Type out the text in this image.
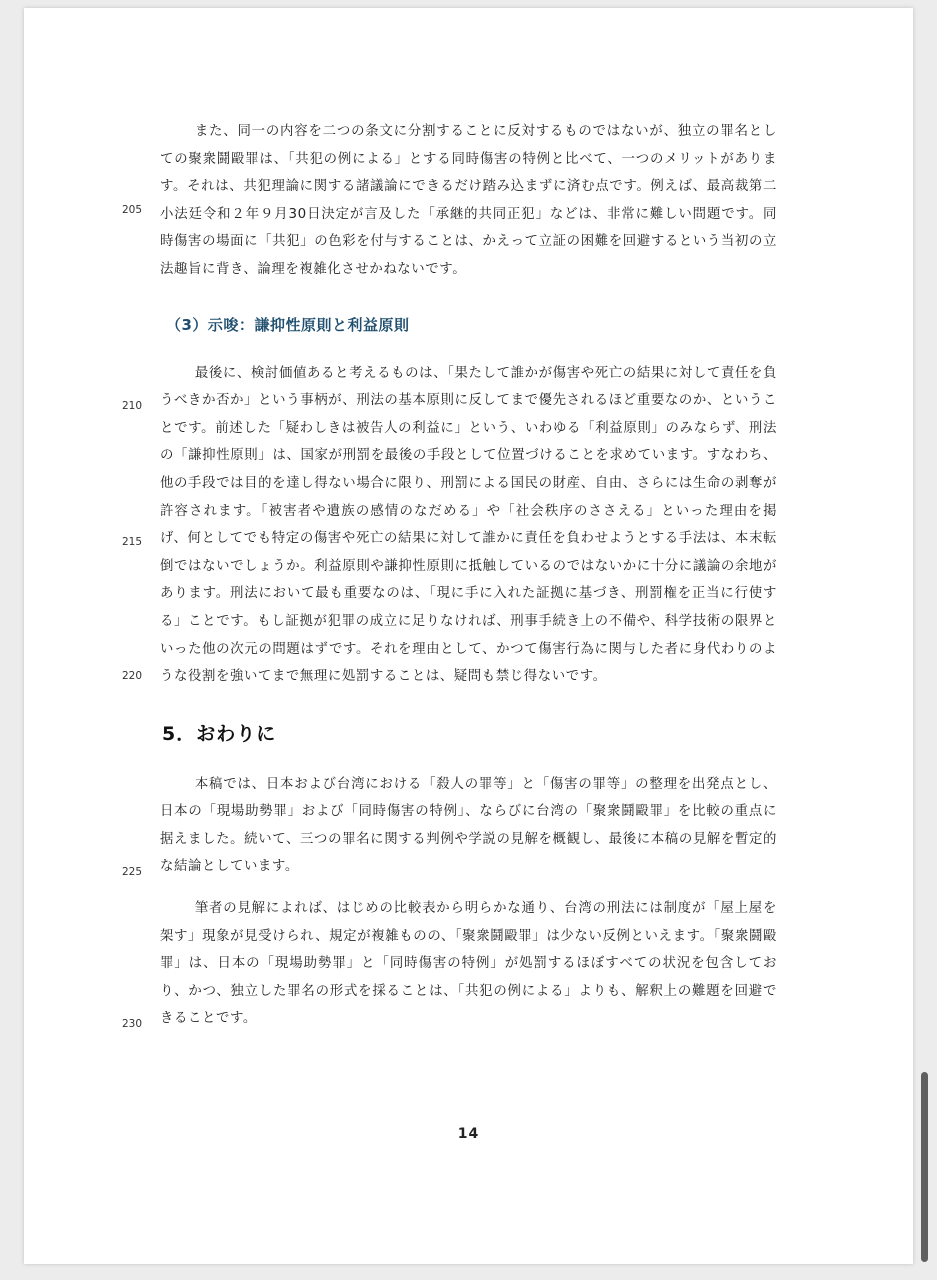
また、同一の内容を二つの条文に分割することに反対するものではないが、独立の罪名としての聚衆鬪毆罪は、「共犯の例による」とする同時傷害の特例と比べて、一つのメリットがあります。それは、共犯理論に関する諸議論にできるだけ踏み込まずに済む点です。例えば、最高裁第二小法廷令和２年９月30日決定が言及した「承継的共同正犯」などは、非常に難しい問題です。同時傷害の場面に「共犯」の色彩を付与することは、かえって立証の困難を回避するという当初の立法趣旨に背き、論理を複雑化させかねないです。

（3）示唆：謙抑性原則と利益原則

最後に、検討価値あると考えるものは、「果たして誰かが傷害や死亡の結果に対して責任を負うべきか否か」という事柄が、刑法の基本原則に反してまで優先されるほど重要なのか、ということです。前述した「疑わしきは被告人の利益に」という、いわゆる「利益原則」のみならず、刑法の「謙抑性原則」は、国家が刑罰を最後の手段として位置づけることを求めています。すなわち、他の手段では目的を達し得ない場合に限り、刑罰による国民の財産、自由、さらには生命の剥奪が許容されます。「被害者や遺族の感情のなだめる」や「社会秩序のささえる」といった理由を掲げ、何としてでも特定の傷害や死亡の結果に対して誰かに責任を負わせようとする手法は、本末転倒ではないでしょうか。利益原則や謙抑性原則に抵触しているのではないかに十分に議論の余地があります。刑法において最も重要なのは、「現に手に入れた証拠に基づき、刑罰権を正当に行使する」ことです。もし証拠が犯罪の成立に足りなければ、刑事手続き上の不備や、科学技術の限界といった他の次元の問題はずです。それを理由として、かつて傷害行為に関与した者に身代わりのような役割を強いてまで無理に処罰することは、疑問も禁じ得ないです。

5．おわりに

本稿では、日本および台湾における「殺人の罪等」と「傷害の罪等」の整理を出発点とし、日本の「現場助勢罪」および「同時傷害の特例」、ならびに台湾の「聚衆鬪毆罪」を比較の重点に据えました。続いて、三つの罪名に関する判例や学説の見解を概観し、最後に本稿の見解を暫定的な結論としています。

筆者の見解によれば、はじめの比較表から明らかな通り、台湾の刑法には制度が「屋上屋を架す」現象が見受けられ、規定が複雑ものの、「聚衆鬪毆罪」は少ない反例といえます。「聚衆鬪毆罪」は、日本の「現場助勢罪」と「同時傷害の特例」が処罰するほぼすべての状況を包含しており、かつ、独立した罪名の形式を採ることは、「共犯の例による」よりも、解釈上の難題を回避できることです。

205
210
215
220
225
230
14
